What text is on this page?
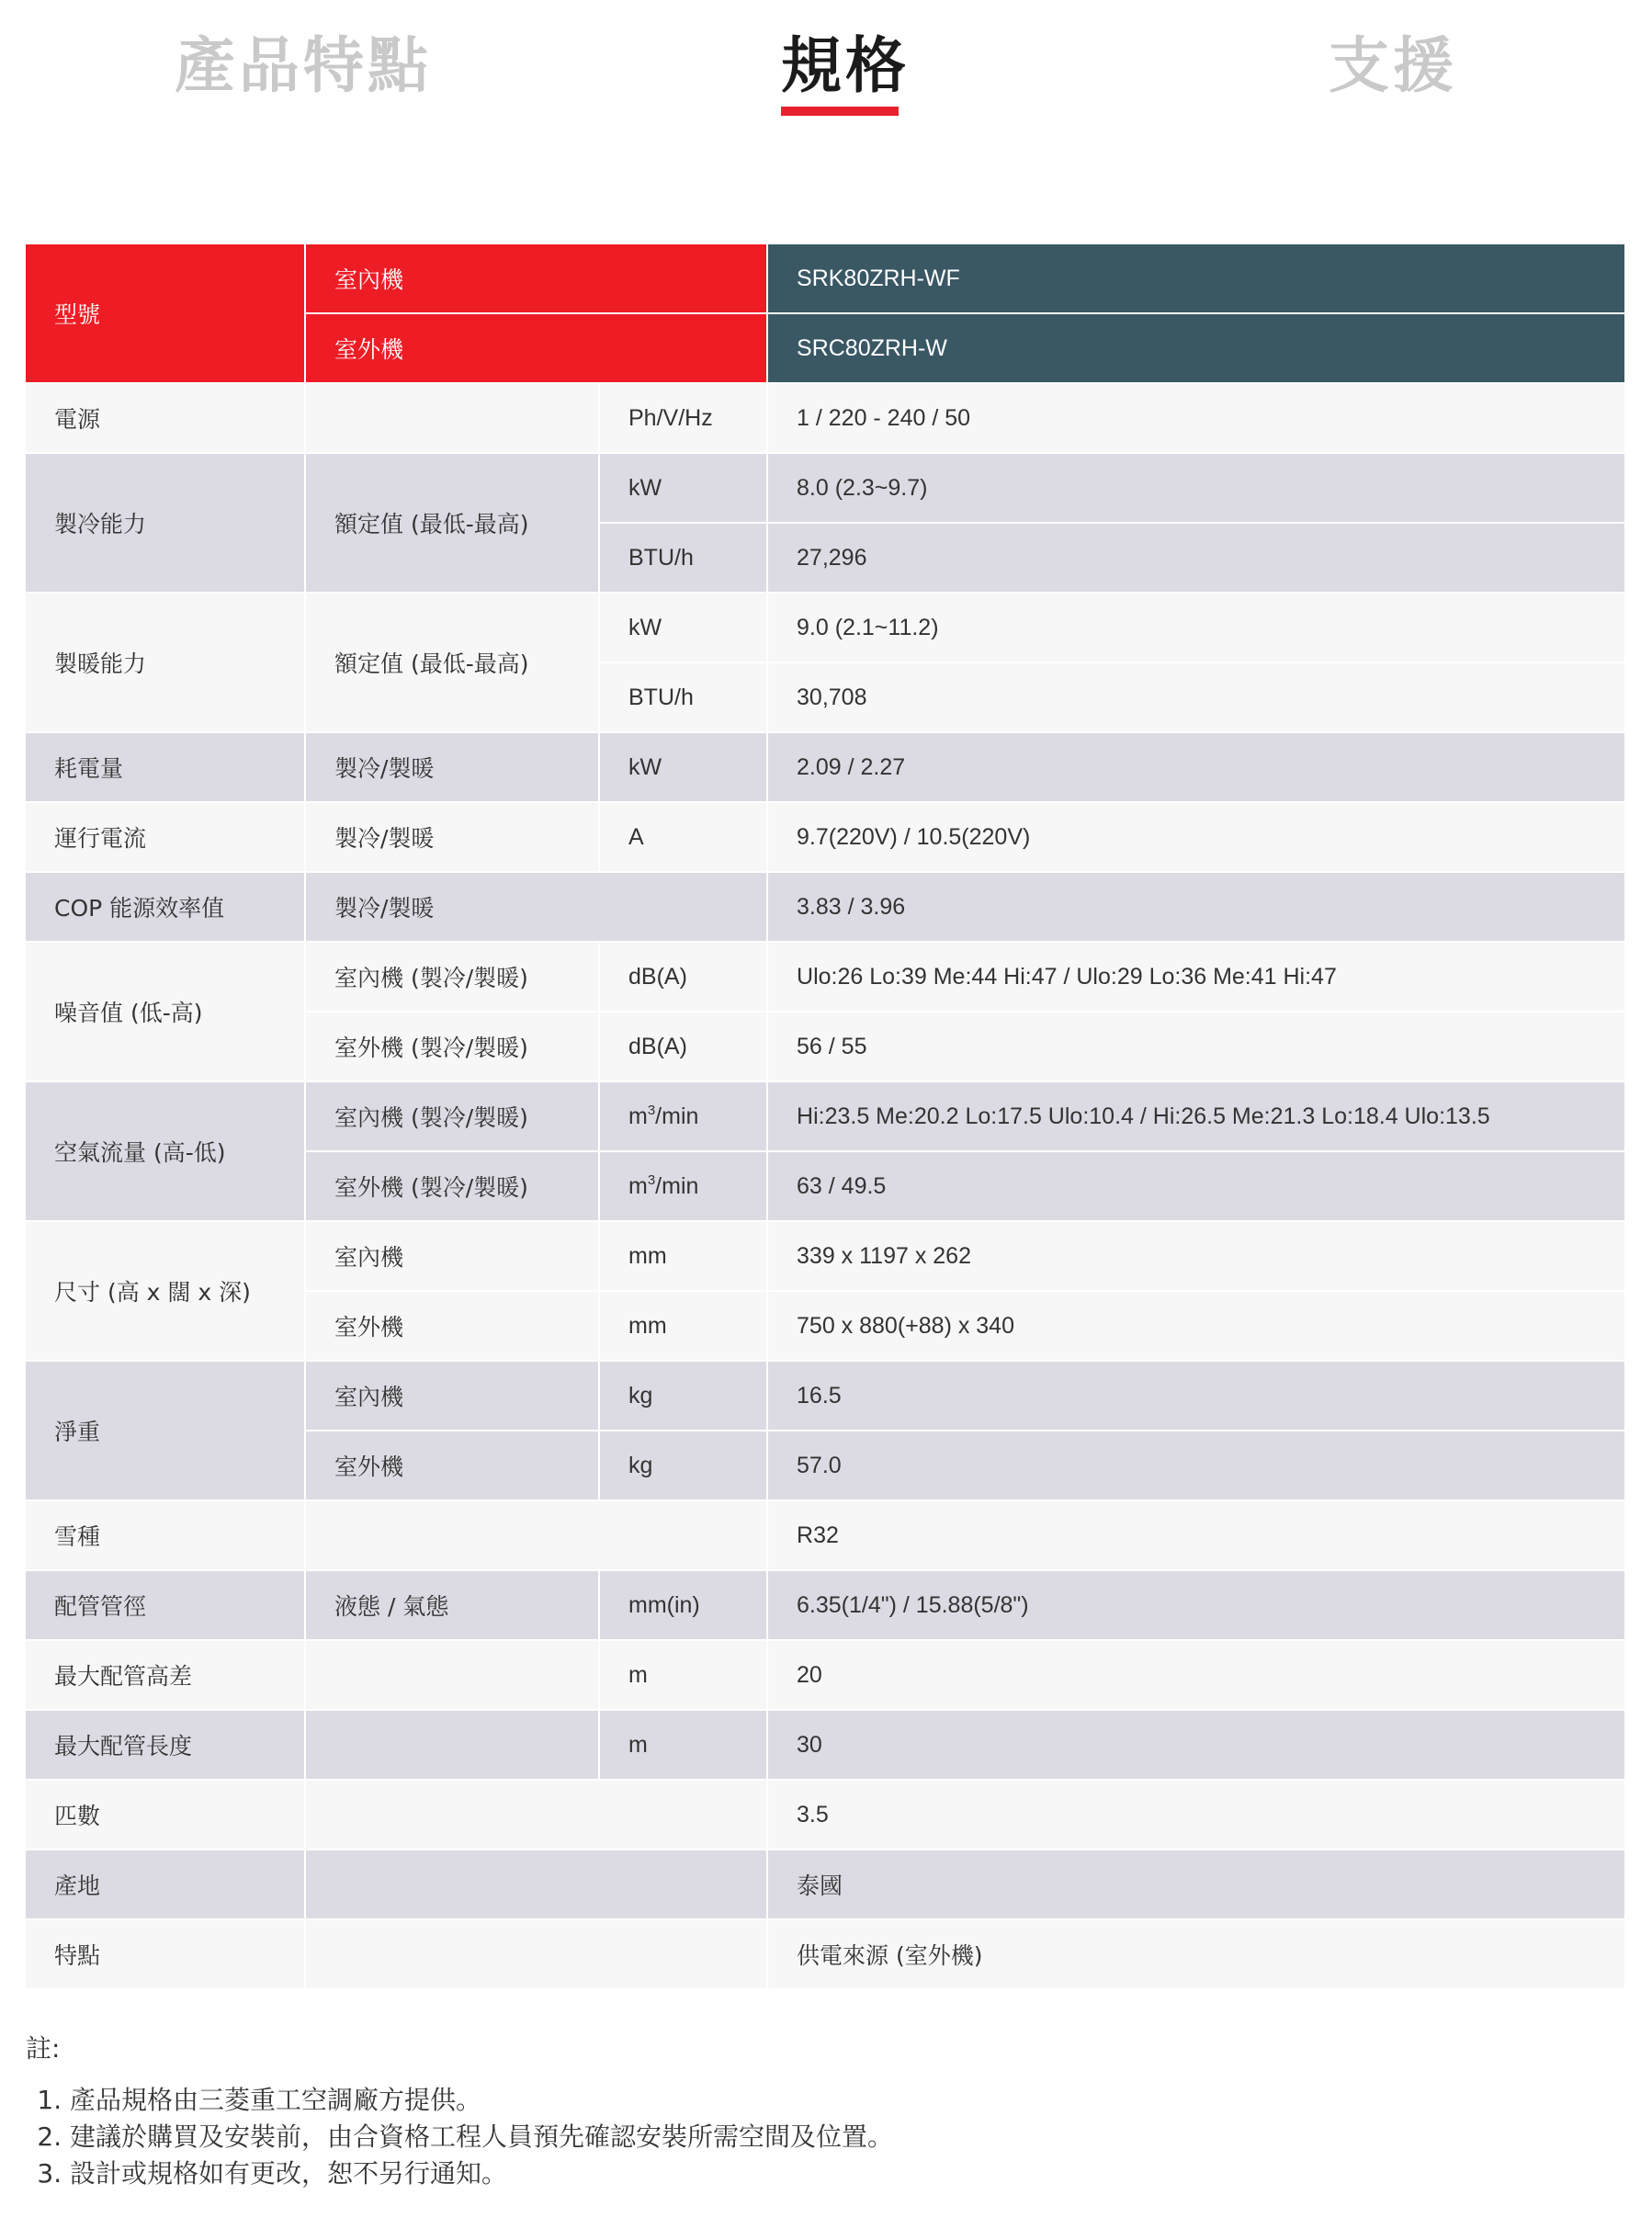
產品特點	規格	支援
型號	室內機		SRK80ZRH-WF
	室外機		SRC80ZRH-W
電源		Ph/V/Hz	1 / 220 - 240 / 50
製冷能力	額定值 (最低-最高)	kW	8.0 (2.3~9.7)
		BTU/h	27,296
製暖能力	額定值 (最低-最高)	kW	9.0 (2.1~11.2)
		BTU/h	30,708
耗電量	製冷/製暖	kW	2.09 / 2.27
運行電流	製冷/製暖	A	9.7(220V) / 10.5(220V)
COP 能源效率值	製冷/製暖		3.83 / 3.96
噪音值 (低-高)	室內機 (製冷/製暖)	dB(A)	Ulo:26 Lo:39 Me:44 Hi:47 / Ulo:29 Lo:36 Me:41 Hi:47
	室外機 (製冷/製暖)	dB(A)	56 / 55
空氣流量 (高-低)	室內機 (製冷/製暖)	$m^3/\min$	Hi:23.5 Me:20.2 Lo:17.5 Ulo:10.4 / Hi:26.5 Me:21.3 Lo:18.4 Ulo:13.5
	室外機 (製冷/製暖)	$m^3/\min$	63 / 49.5
尺寸 (高 x 闊 x 深)	室內機	mm	339 x 1197 x 262
	室外機	mm	750 x 880(+88) x 340
淨重	室內機	kg	16.5
	室外機	kg	57.0
雪種			R32
配管管徑	液態 / 氣態	mm(in)	6.35(1/4") / 15.88(5/8")
最大配管高差		m	20
最大配管長度		m	30
匹數			3.5
產地			泰國
特點			供電來源 (室外機)
註:
1. 產品規格由三菱重工空調廠方提供。
2. 建議於購買及安裝前，由合資格工程人員預先確認安裝所需空間及位置。
3. 設計或規格如有更改，恕不另行通知。
